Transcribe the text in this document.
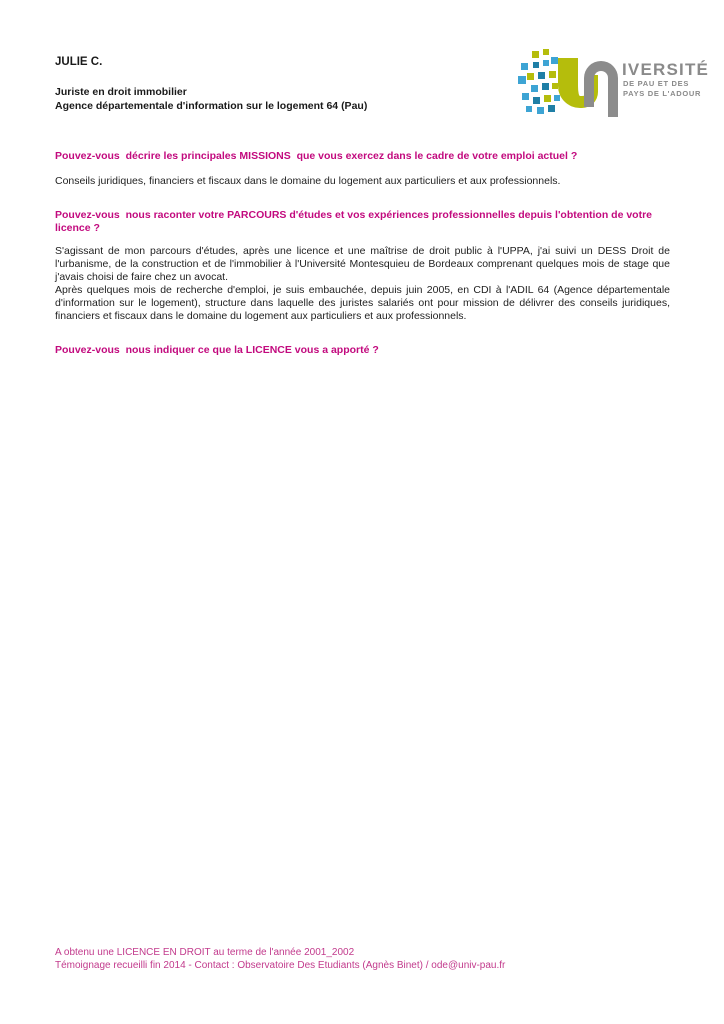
JULIE C.
Juriste en droit immobilier
Agence départementale d'information sur le logement 64 (Pau)
IVERSITÉ
DE PAU ET DES
PAYS DE L'ADOUR
Pouvez-vous  décrire les principales MISSIONS  que vous exercez dans le cadre de votre emploi actuel ?
Conseils juridiques, financiers et fiscaux dans le domaine du logement aux particuliers et aux professionnels.
Pouvez-vous  nous raconter votre PARCOURS d'études et vos expériences professionnelles depuis l'obtention de votre licence ?
S'agissant de mon parcours d'études, après une licence et une maîtrise de droit public à l'UPPA, j'ai suivi un DESS Droit de l'urbanisme, de la construction et de l'immobilier à l'Université Montesquieu de Bordeaux comprenant quelques mois de stage que j'avais choisi de faire chez un avocat.
Après quelques mois de recherche d'emploi, je suis embauchée, depuis juin 2005, en CDI à l'ADIL 64 (Agence départementale d'information sur le logement), structure dans laquelle des juristes salariés ont pour mission de délivrer des conseils juridiques, financiers et fiscaux dans le domaine du logement aux particuliers et aux professionnels.
Pouvez-vous  nous indiquer ce que la LICENCE vous a apporté ?
A obtenu une LICENCE EN DROIT au terme de l'année 2001_2002
Témoignage recueilli fin 2014 - Contact : Observatoire Des Etudiants (Agnès Binet) / ode@univ-pau.fr
